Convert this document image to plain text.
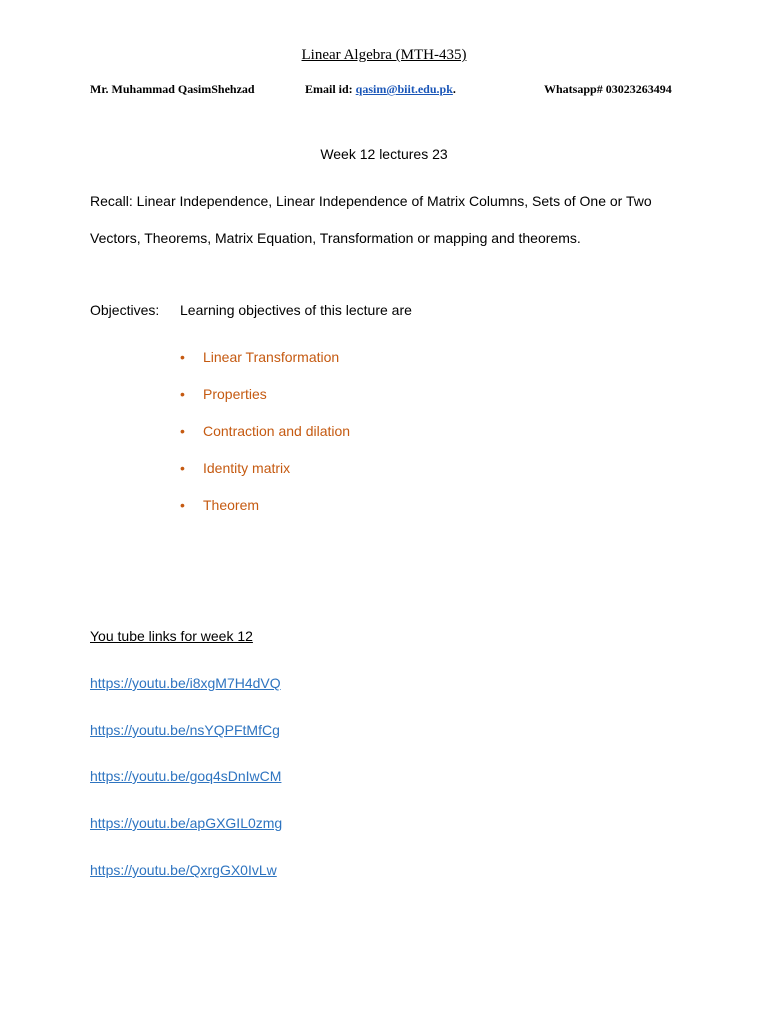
Linear Algebra (MTH-435)
Mr. Muhammad QasimShehzad	Email id: qasim@biit.edu.pk.	Whatsapp# 03023263494
Week 12 lectures 23
Recall: Linear Independence, Linear Independence of Matrix Columns, Sets of One or Two
Vectors, Theorems, Matrix Equation, Transformation or mapping and theorems.
Objectives: Learning objectives of this lecture are
• Linear Transformation
• Properties
• Contraction and dilation
• Identity matrix
• Theorem
You tube links for week 12
https://youtu.be/i8xgM7H4dVQ
https://youtu.be/nsYQPFtMfCg
https://youtu.be/goq4sDnIwCM
https://youtu.be/apGXGIL0zmg
https://youtu.be/QxrgGX0IvLw
